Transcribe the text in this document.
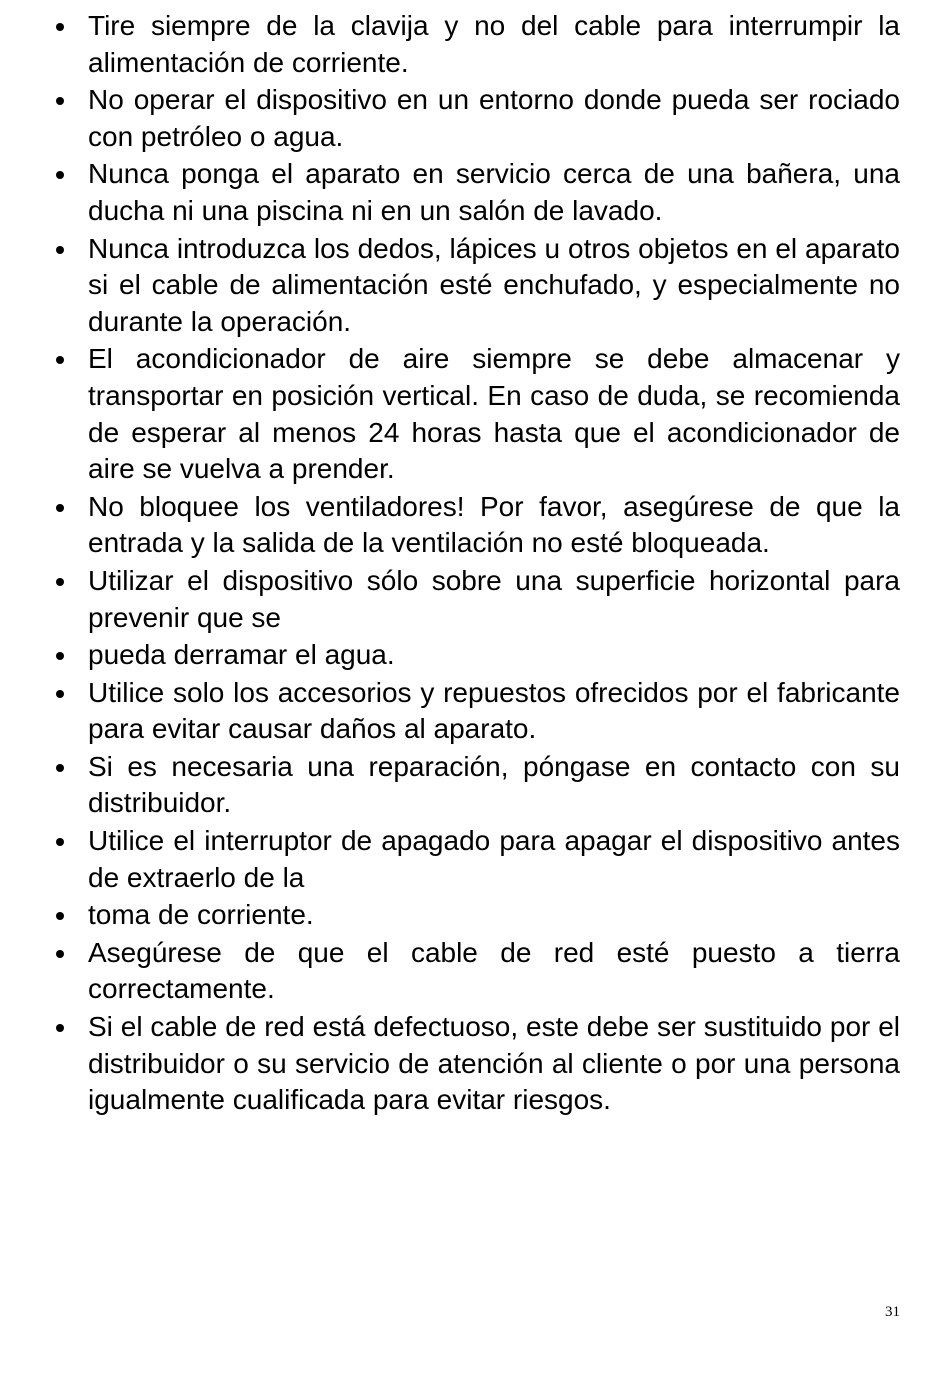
Tire siempre de la clavija y no del cable para interrumpir la alimentación de corriente.
No operar el dispositivo en un entorno donde pueda ser rociado con petróleo o agua.
Nunca ponga el aparato en servicio cerca de una bañera, una ducha ni una piscina ni en un salón de lavado.
Nunca introduzca los dedos, lápices u otros objetos en el aparato si el cable de alimentación esté enchufado, y especialmente no durante la operación.
El acondicionador de aire siempre se debe almacenar y transportar en posición vertical. En caso de duda, se recomienda de esperar al menos 24 horas hasta que el acondicionador de aire se vuelva a prender.
No bloquee los ventiladores! Por favor, asegúrese de que la entrada y la salida de la ventilación no esté bloqueada.
Utilizar el dispositivo sólo sobre una superficie horizontal para prevenir que se
pueda derramar el agua.
Utilice solo los accesorios y repuestos ofrecidos por el fabricante para evitar causar daños al aparato.
Si es necesaria una reparación, póngase en contacto con su distribuidor.
Utilice el interruptor de apagado para apagar el dispositivo antes de extraerlo de la
toma de corriente.
Asegúrese de que el cable de red esté puesto a tierra correctamente.
Si el cable de red está defectuoso, este debe ser sustituido por el distribuidor o su servicio de atención al cliente o por una persona igualmente cualificada para evitar riesgos.
31
